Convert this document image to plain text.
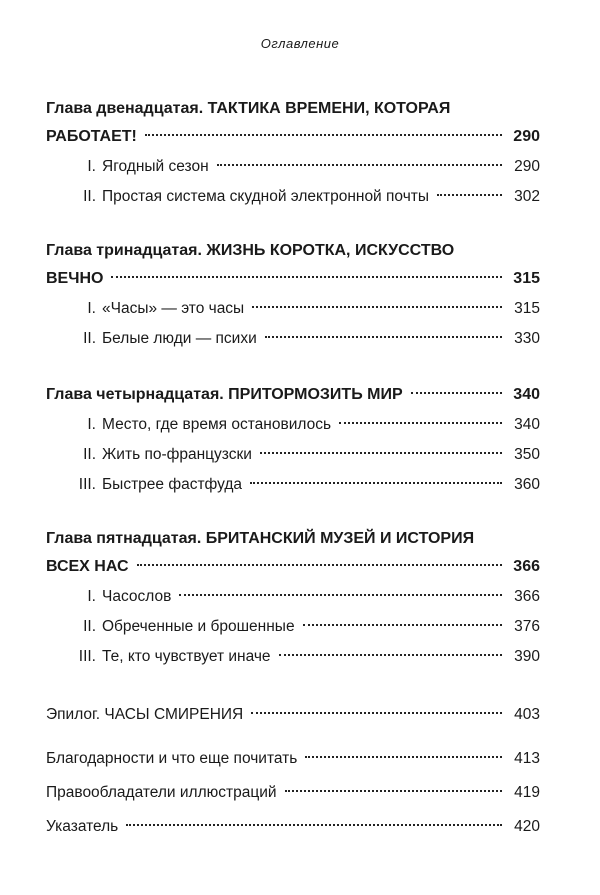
Оглавление
Глава двенадцатая. ТАКТИКА ВРЕМЕНИ, КОТОРАЯ
РАБОТАЕТ!	290
I. Ягодный сезон	290
II. Простая система скудной электронной почты	302
Глава тринадцатая. ЖИЗНЬ КОРОТКА, ИСКУССТВО
ВЕЧНО	315
I. «Часы» — это часы	315
II. Белые люди — психи	330
Глава четырнадцатая. ПРИТОРМОЗИТЬ МИР	340
I. Место, где время остановилось	340
II. Жить по-французски	350
III. Быстрее фастфуда	360
Глава пятнадцатая. БРИТАНСКИЙ МУЗЕЙ И ИСТОРИЯ
ВСЕХ НАС	366
I. Часослов	366
II. Обреченные и брошенные	376
III. Те, кто чувствует иначе	390
Эпилог. ЧАСЫ СМИРЕНИЯ	403
Благодарности и что еще почитать	413
Правообладатели иллюстраций	419
Указатель	420
